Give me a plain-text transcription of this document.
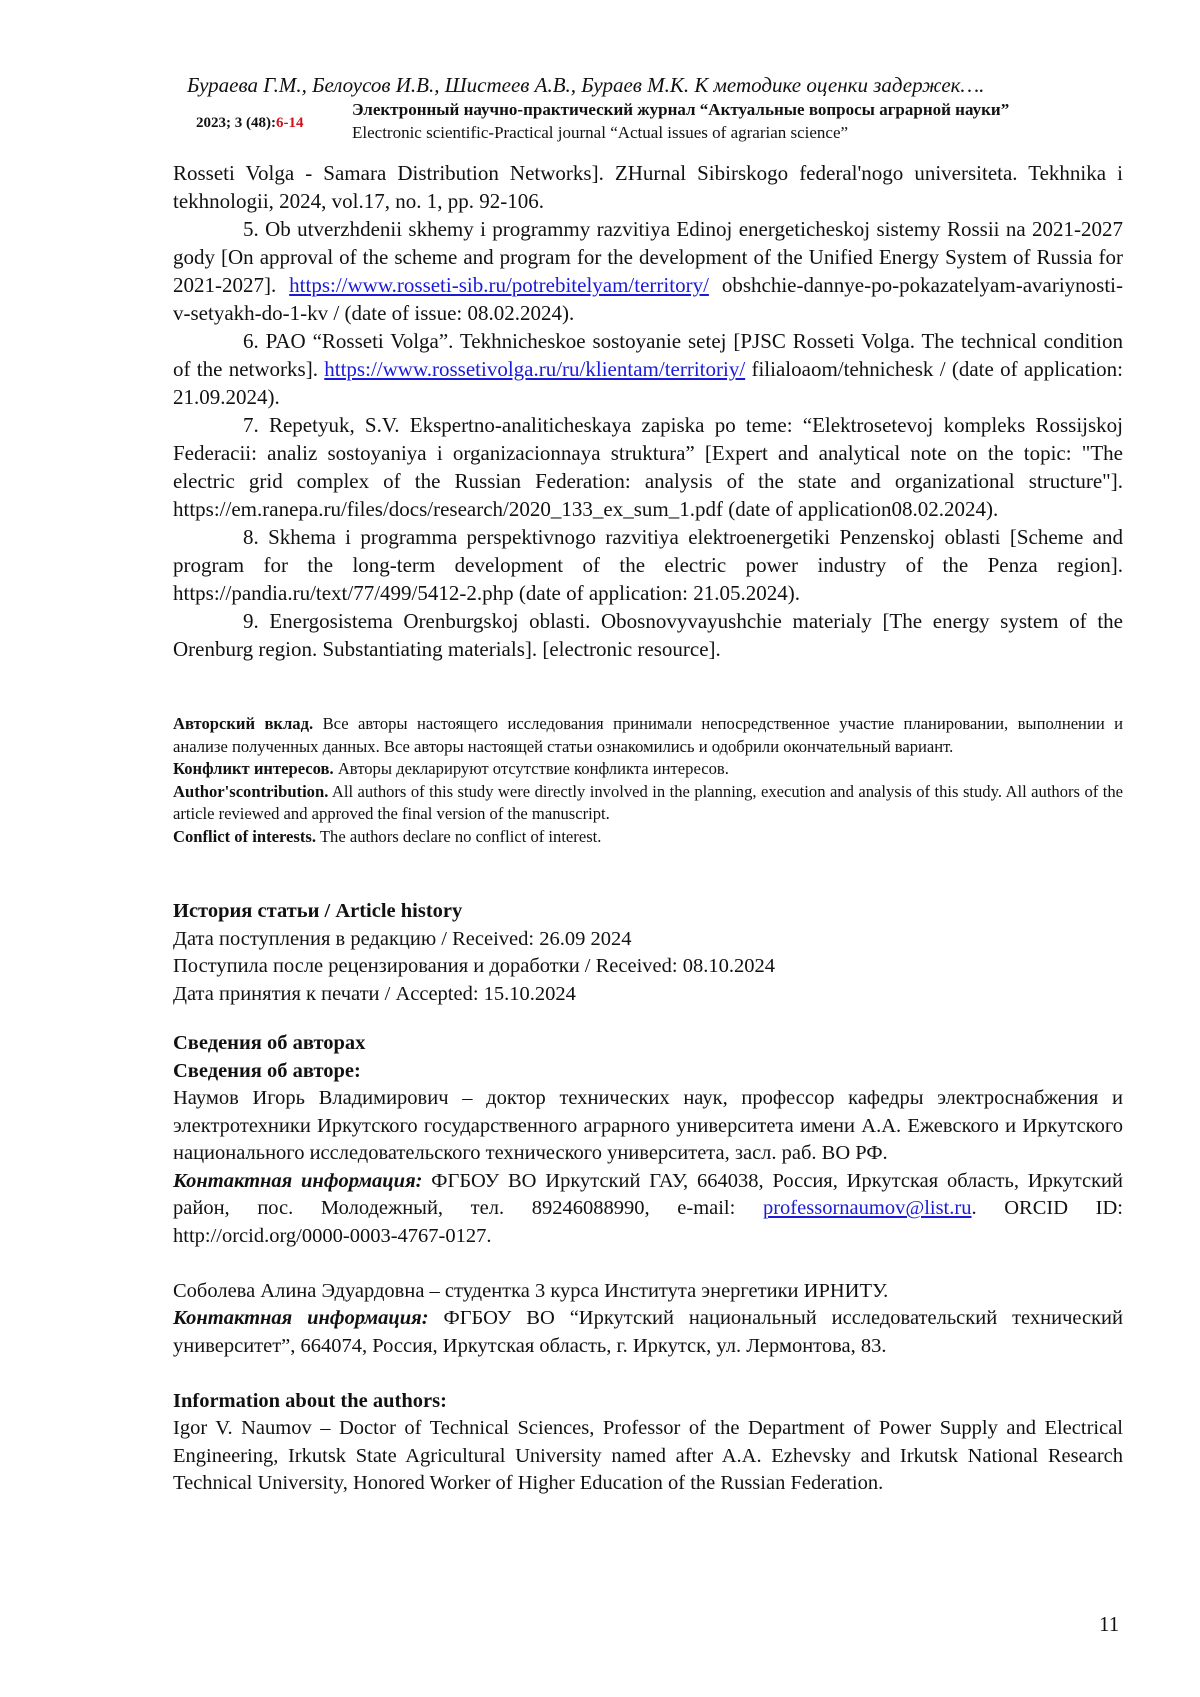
Бураева Г.М., Белоусов И.В., Шистеев А.В., Бураев М.К. К методике оценки задержек….
2023; 3 (48):6-14
Электронный научно-практический журнал “Актуальные вопросы аграрной науки”
Electronic scientific-Practical journal “Actual issues of agrarian science”

Rosseti Volga - Samara Distribution Networks]. ZHurnal Sibirskogo federal'nogo universiteta. Tekhnika i tekhnologii, 2024, vol.17, no. 1, pp. 92-106.

5. Ob utverzhdenii skhemy i programmy razvitiya Edinoj energeticheskoj sistemy Rossii na 2021-2027 gody [On approval of the scheme and program for the development of the Unified Energy System of Russia for 2021-2027]. https://www.rosseti-sib.ru/potrebitelyam/territory/ obshchie-dannye-po-pokazatelyam-avariynosti-v-setyakh-do-1-kv / (date of issue: 08.02.2024).

6. PAO “Rosseti Volga”. Tekhnicheskoe sostoyanie setej [PJSC Rosseti Volga. The technical condition of the networks]. https://www.rossetivolga.ru/ru/klientam/territoriy/ filialoaom/tehnichesk / (date of application: 21.09.2024).

7. Repetyuk, S.V. Ekspertno-analiticheskaya zapiska po teme: “Elektrosetevoj kompleks Rossijskoj Federacii: analiz sostoyaniya i organizacionnaya struktura” [Expert and analytical note on the topic: "The electric grid complex of the Russian Federation: analysis of the state and organizational structure"]. https://em.ranepa.ru/files/docs/research/2020_133_ex_sum_1.pdf (date of application08.02.2024).

8. Skhema i programma perspektivnogo razvitiya elektroenergetiki Penzenskoj oblasti [Scheme and program for the long-term development of the electric power industry of the Penza region]. https://pandia.ru/text/77/499/5412-2.php (date of application: 21.05.2024).

9. Energosistema Orenburgskoj oblasti. Obosnovyvayushchie materialy [The energy system of the Orenburg region. Substantiating materials]. [electronic resource].

Авторский вклад. Все авторы настоящего исследования принимали непосредственное участие планировании, выполнении и анализе полученных данных. Все авторы настоящей статьи ознакомились и одобрили окончательный вариант.

Конфликт интересов. Авторы декларируют отсутствие конфликта интересов.

Author'scontribution. All authors of this study were directly involved in the planning, execution and analysis of this study. All authors of the article reviewed and approved the final version of the manuscript.

Conflict of interests. The authors declare no conflict of interest.

История статьи / Article history

Дата поступления в редакцию / Received: 26.09 2024

Поступила после рецензирования и доработки / Received: 08.10.2024

Дата принятия к печати / Accepted: 15.10.2024

Сведения об авторах

Сведения об авторе:

Наумов Игорь Владимирович – доктор технических наук, профессор кафедры электроснабжения и электротехники Иркутского государственного аграрного университета имени А.А. Ежевского и Иркутского национального исследовательского технического университета, засл. раб. ВО РФ.

Контактная информация: ФГБОУ ВО Иркутский ГАУ, 664038, Россия, Иркутская область, Иркутский район, пос. Молодежный, тел. 89246088990, e-mail: professornaumov@list.ru. ORCID ID: http://orcid.org/0000-0003-4767-0127.

Соболева Алина Эдуардовна – студентка 3 курса Института энергетики ИРНИТУ.

Контактная информация: ФГБОУ ВО “Иркутский национальный исследовательский технический университет”, 664074, Россия, Иркутская область, г. Иркутск, ул. Лермонтова, 83.

Information about the authors:

Igor V. Naumov – Doctor of Technical Sciences, Professor of the Department of Power Supply and Electrical Engineering, Irkutsk State Agricultural University named after A.A. Ezhevsky and Irkutsk National Research Technical University, Honored Worker of Higher Education of the Russian Federation.

11
